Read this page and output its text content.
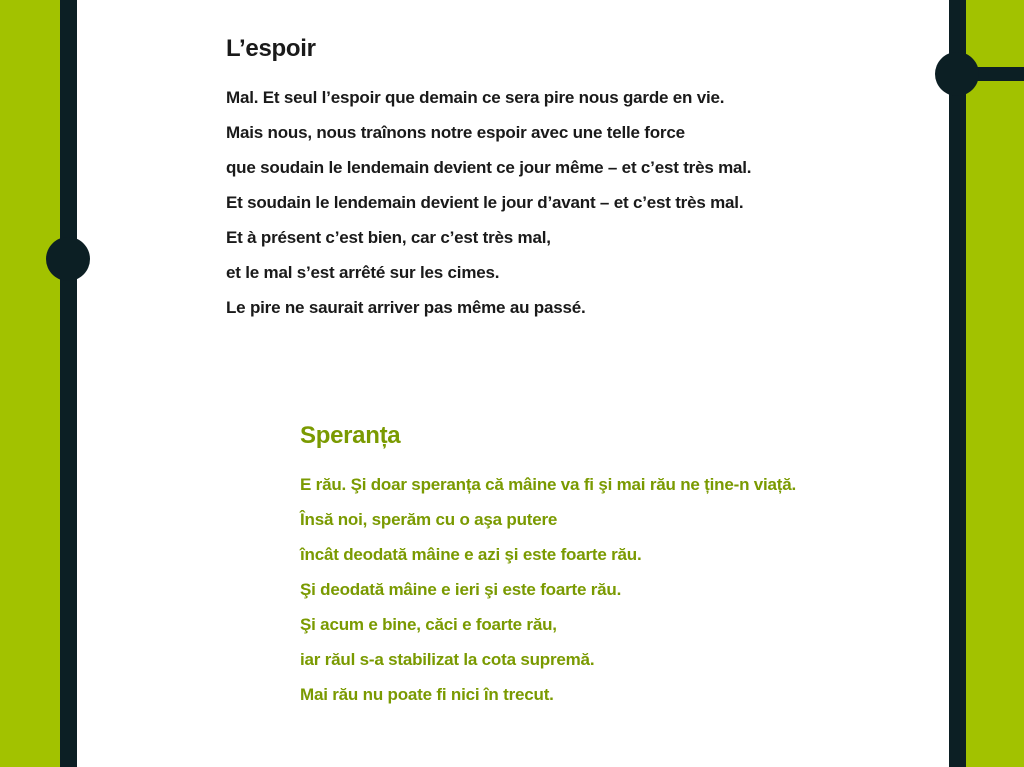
L’espoir
Mal. Et seul l’espoir que demain ce sera pire nous garde en vie.
Mais nous, nous traînons notre espoir avec une telle force
que soudain le lendemain devient ce jour même – et c’est très mal.
Et soudain le lendemain devient le jour d’avant – et c’est très mal.
Et à présent c’est bien, car c’est très mal,
et le mal s’est arrêté sur les cimes.
Le pire ne saurait arriver pas même au passé.
Speranța
E rău. Şi doar speranța că mâine va fi şi mai rău ne ține-n viață.
Însă noi, sperăm cu o aşa putere
încât deodată mâine e azi şi este foarte rău.
Şi deodată mâine e ieri şi este foarte rău.
Şi acum e bine, căci e foarte rău,
iar răul s-a stabilizat la cota supremă.
Mai rău nu poate fi nici în trecut.
